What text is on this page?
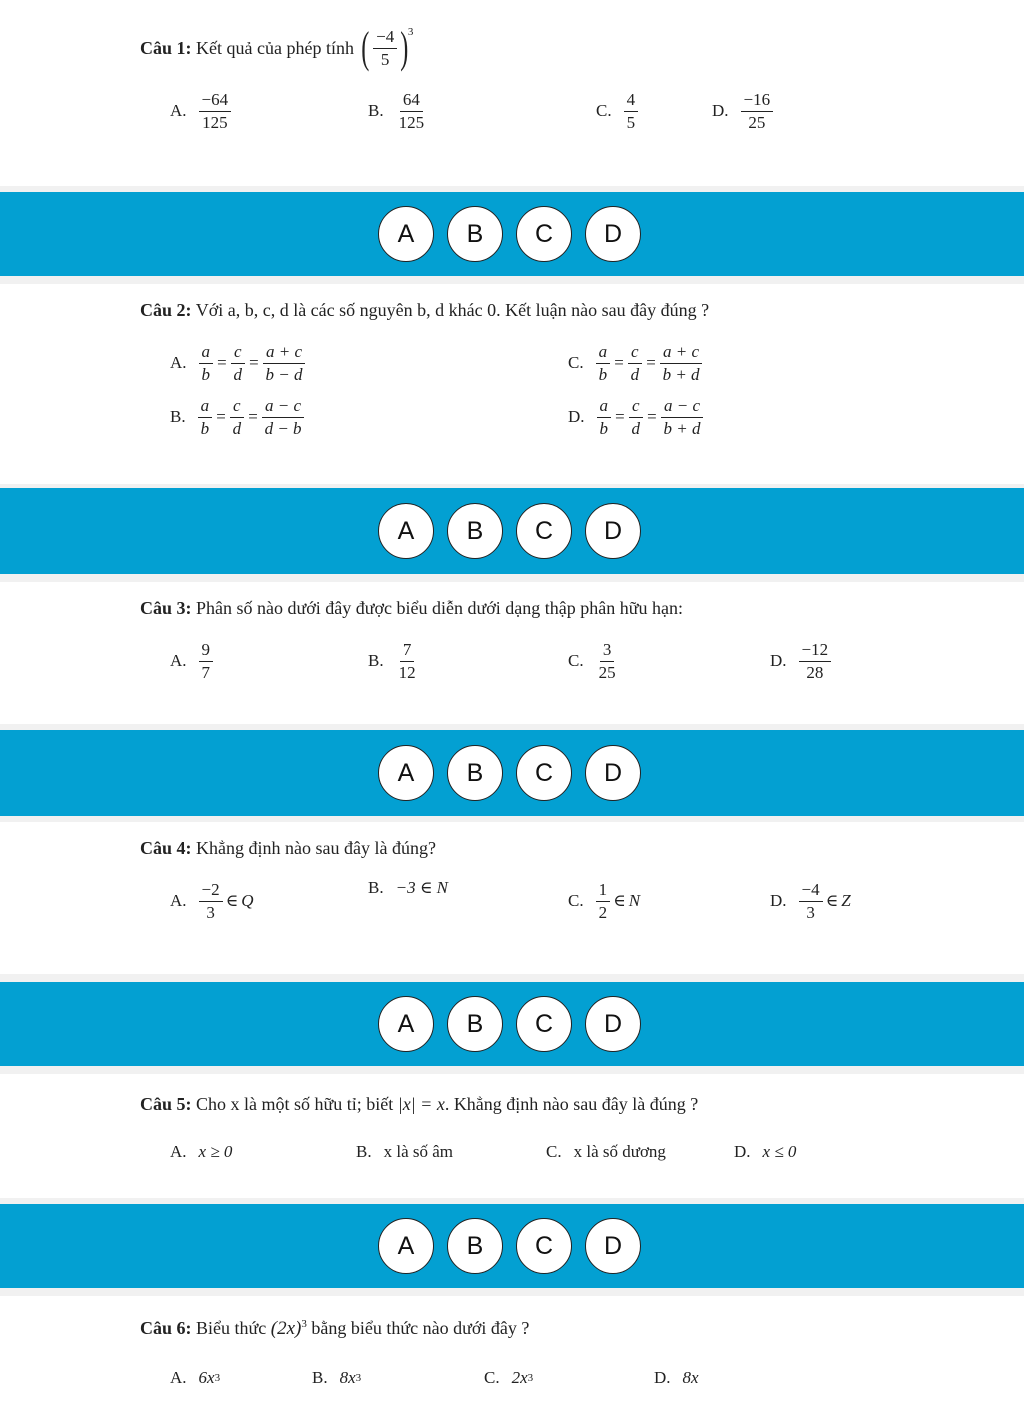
Câu 1: Kết quả của phép tính ( $\frac{-4}{5} )^3$
A. $\frac{-64}{125}$	B. $\frac{64}{125}$	C. $\frac{4}{5}$	D. $\frac{-16}{25}$
A	B	C	D
Câu 2: Với a, b, c, d là các số nguyên b, d khác 0. Kết luận nào sau đây đúng ?
A. $\frac{a}{b} = \frac{c}{d} = \frac{a + c}{b - d}$	C. $\frac{a}{b} = \frac{c}{d} = \frac{a + c}{b + d}$
B. $\frac{a}{b} = \frac{c}{d} = \frac{a - c}{d - b}$	D. $\frac{a}{b} = \frac{c}{d} = \frac{a - c}{b + d}$
A	B	C	D
Câu 3: Phân số nào dưới đây được biểu diễn dưới dạng thập phân hữu hạn:
A. $\frac{9}{7}$	B. $\frac{7}{12}$	C. $\frac{3}{25}$	D. $\frac{-12}{28}$
A	B	C	D
Câu 4: Khẳng định nào sau đây là đúng?
A. $\frac{-2}{3}$ ∈ Q
B. −3 ∈ N
C. $\frac{1}{2}$ ∈ N	D. $\frac{-4}{3}$ ∈ Z
A	B	C	D
Câu 5: Cho x là một số hữu tỉ; biết |x| = x. Khẳng định nào sau đây là đúng ?
A. x ≥ 0	B. x là số âm	C. x là số dương	D. x ≤ 0
A	B	C	D
Câu 6: Biểu thức $(2x)^3$ bằng biểu thức nào dưới đây ?
A. 6x 3	B. 8x 3	C. 2x 3	D. 8x
